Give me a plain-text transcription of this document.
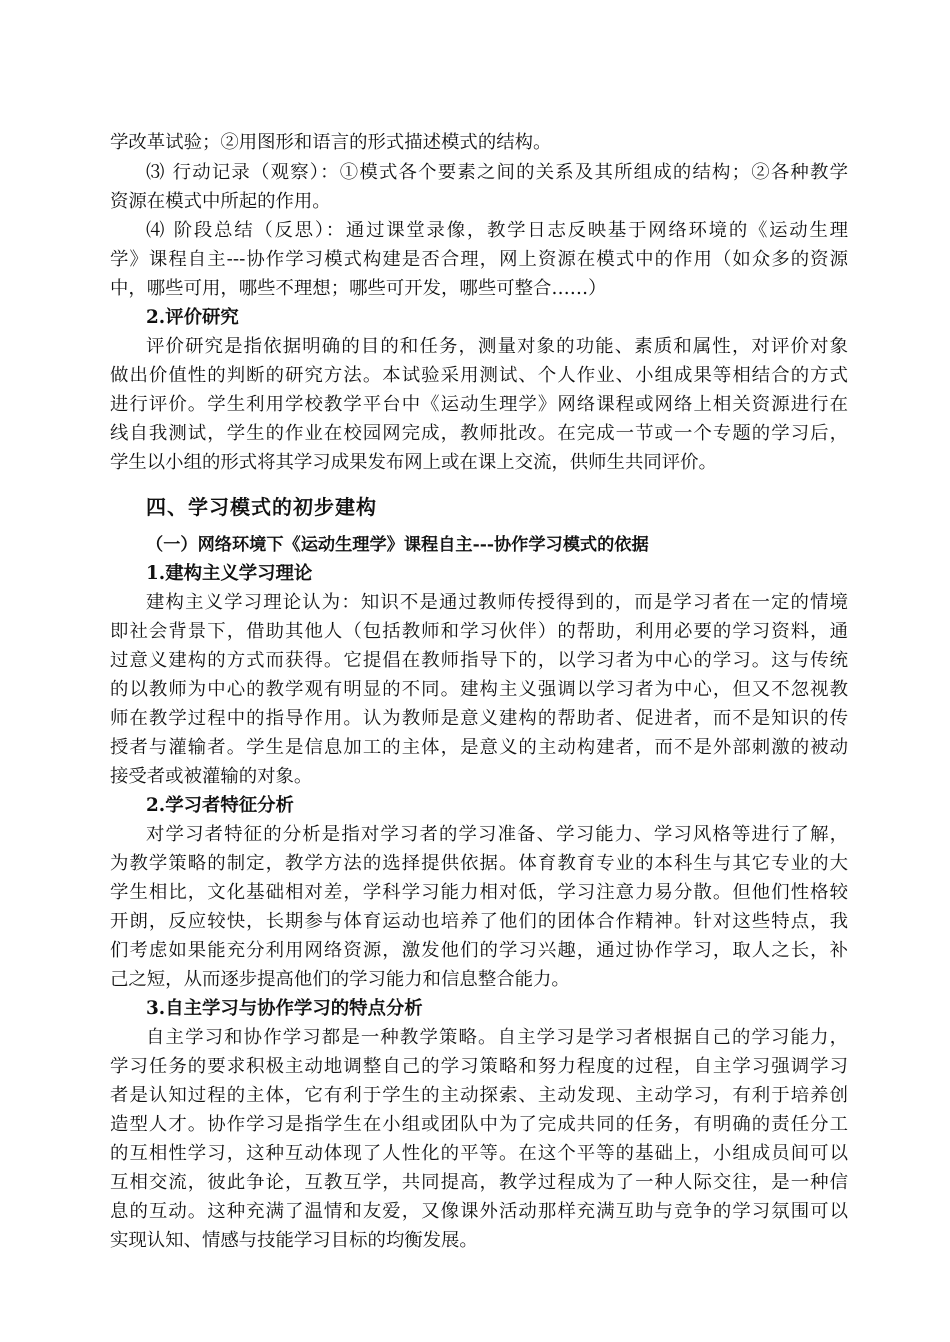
学改革试验；②用图形和语言的形式描述模式的结构。
⑶ 行动记录（观察）：①模式各个要素之间的关系及其所组成的结构；②各种教学
资源在模式中所起的作用。
⑷ 阶段总结（反思）：通过课堂录像，教学日志反映基于网络环境的《运动生理
学》课程自主---协作学习模式构建是否合理，网上资源在模式中的作用（如众多的资源
中，哪些可用，哪些不理想；哪些可开发，哪些可整合……）
2.评价研究
评价研究是指依据明确的目的和任务，测量对象的功能、素质和属性，对评价对象
做出价值性的判断的研究方法。本试验采用测试、个人作业、小组成果等相结合的方式
进行评价。学生利用学校教学平台中《运动生理学》网络课程或网络上相关资源进行在
线自我测试，学生的作业在校园网完成，教师批改。在完成一节或一个专题的学习后，
学生以小组的形式将其学习成果发布网上或在课上交流，供师生共同评价。
四、学习模式的初步建构
（一）网络环境下《运动生理学》课程自主---协作学习模式的依据
1.建构主义学习理论
建构主义学习理论认为：知识不是通过教师传授得到的，而是学习者在一定的情境
即社会背景下，借助其他人（包括教师和学习伙伴）的帮助，利用必要的学习资料，通
过意义建构的方式而获得。它提倡在教师指导下的，以学习者为中心的学习。这与传统
的以教师为中心的教学观有明显的不同。建构主义强调以学习者为中心，但又不忽视教
师在教学过程中的指导作用。认为教师是意义建构的帮助者、促进者，而不是知识的传
授者与灌输者。学生是信息加工的主体，是意义的主动构建者，而不是外部刺激的被动
接受者或被灌输的对象。
2.学习者特征分析
对学习者特征的分析是指对学习者的学习准备、学习能力、学习风格等进行了解，
为教学策略的制定，教学方法的选择提供依据。体育教育专业的本科生与其它专业的大
学生相比，文化基础相对差，学科学习能力相对低，学习注意力易分散。但他们性格较
开朗，反应较快，长期参与体育运动也培养了他们的团体合作精神。针对这些特点，我
们考虑如果能充分利用网络资源，激发他们的学习兴趣，通过协作学习，取人之长，补
己之短，从而逐步提高他们的学习能力和信息整合能力。
3.自主学习与协作学习的特点分析
自主学习和协作学习都是一种教学策略。自主学习是学习者根据自己的学习能力，
学习任务的要求积极主动地调整自己的学习策略和努力程度的过程，自主学习强调学习
者是认知过程的主体，它有利于学生的主动探索、主动发现、主动学习，有利于培养创
造型人才。协作学习是指学生在小组或团队中为了完成共同的任务，有明确的责任分工
的互相性学习，这种互动体现了人性化的平等。在这个平等的基础上，小组成员间可以
互相交流，彼此争论，互教互学，共同提高，教学过程成为了一种人际交往，是一种信
息的互动。这种充满了温情和友爱，又像课外活动那样充满互助与竞争的学习氛围可以
实现认知、情感与技能学习目标的均衡发展。
